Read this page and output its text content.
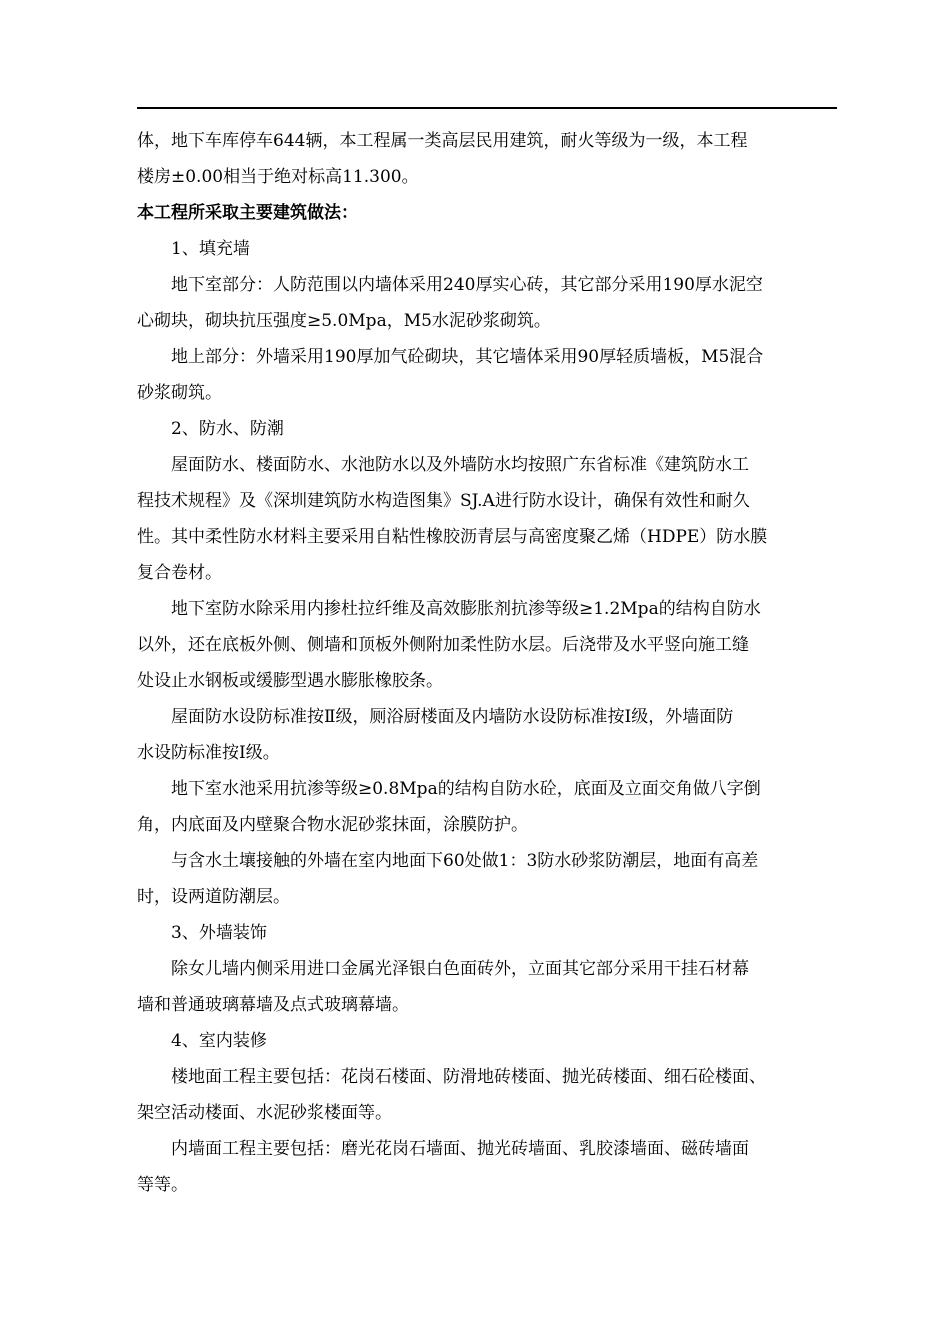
体，地下车库停车644辆，本工程属一类高层民用建筑，耐火等级为一级，本工程
楼房±0.00相当于绝对标高11.300。
本工程所采取主要建筑做法：
1、填充墙
地下室部分：人防范围以内墙体采用240厚实心砖，其它部分采用190厚水泥空
心砌块，砌块抗压强度≥5.0Mpa，M5水泥砂浆砌筑。
地上部分：外墙采用190厚加气砼砌块，其它墙体采用90厚轻质墙板，M5混合
砂浆砌筑。
2、防水、防潮
屋面防水、楼面防水、水池防水以及外墙防水均按照广东省标准《建筑防水工
程技术规程》及《深圳建筑防水构造图集》SJ.A进行防水设计，确保有效性和耐久
性。其中柔性防水材料主要采用自粘性橡胶沥青层与高密度聚乙烯（HDPE）防水膜
复合卷材。
地下室防水除采用内掺杜拉纤维及高效膨胀剂抗渗等级≥1.2Mpa的结构自防水
以外，还在底板外侧、侧墙和顶板外侧附加柔性防水层。后浇带及水平竖向施工缝
处设止水钢板或缓膨型遇水膨胀橡胶条。
屋面防水设防标准按Ⅱ级，厕浴厨楼面及内墙防水设防标准按Ⅰ级，外墙面防
水设防标准按Ⅰ级。
地下室水池采用抗渗等级≥0.8Mpa的结构自防水砼，底面及立面交角做八字倒
角，内底面及内壁聚合物水泥砂浆抹面，涂膜防护。
与含水土壤接触的外墙在室内地面下60处做1：3防水砂浆防潮层，地面有高差
时，设两道防潮层。
3、外墙装饰
除女儿墙内侧采用进口金属光泽银白色面砖外，立面其它部分采用干挂石材幕
墙和普通玻璃幕墙及点式玻璃幕墙。
4、室内装修
楼地面工程主要包括：花岗石楼面、防滑地砖楼面、抛光砖楼面、细石砼楼面、
架空活动楼面、水泥砂浆楼面等。
内墙面工程主要包括：磨光花岗石墙面、抛光砖墙面、乳胶漆墙面、磁砖墙面
等等。
